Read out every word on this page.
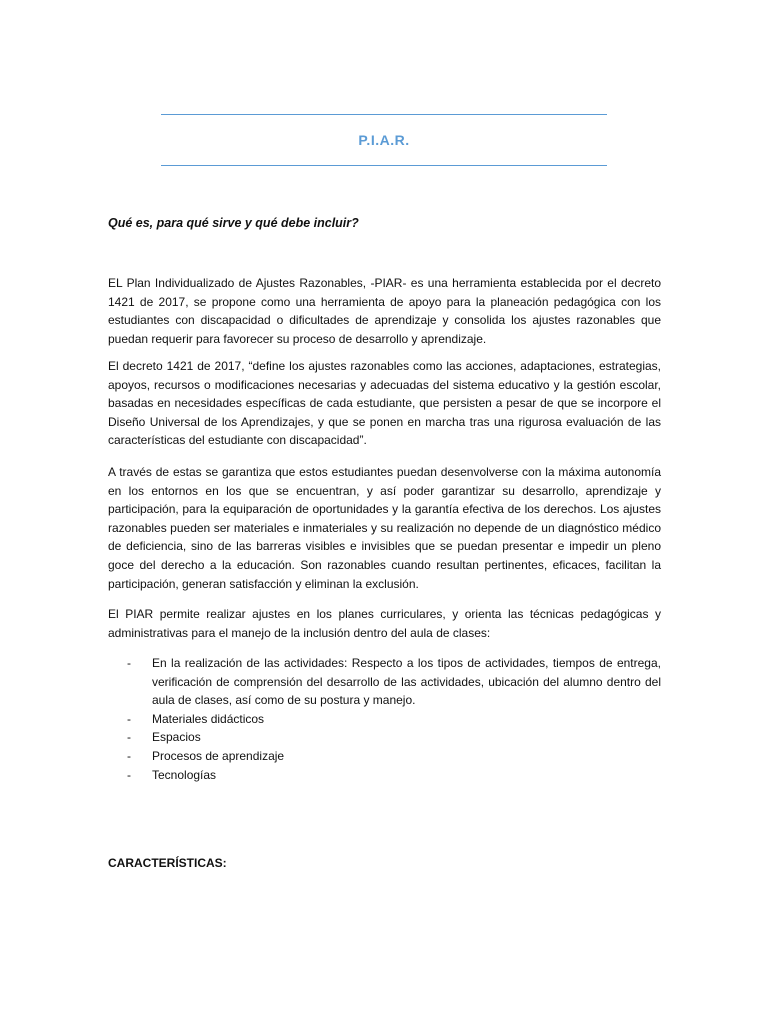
P.I.A.R.

Qué es, para qué sirve y qué debe incluir?

EL Plan Individualizado de Ajustes Razonables, -PIAR- es una herramienta establecida por el decreto 1421 de 2017, se propone como una herramienta de apoyo para la planeación pedagógica con los estudiantes con discapacidad o dificultades de aprendizaje y consolida los ajustes razonables que puedan requerir para favorecer su proceso de desarrollo y aprendizaje.

El decreto 1421 de 2017, “define los ajustes razonables como las acciones, adaptaciones, estrategias, apoyos, recursos o modificaciones necesarias y adecuadas del sistema educativo y la gestión escolar, basadas en necesidades específicas de cada estudiante, que persisten a pesar de que se incorpore el Diseño Universal de los Aprendizajes, y que se ponen en marcha tras una rigurosa evaluación de las características del estudiante con discapacidad”.

A través de estas se garantiza que estos estudiantes puedan desenvolverse con la máxima autonomía en los entornos en los que se encuentran, y así poder garantizar su desarrollo, aprendizaje y participación, para la equiparación de oportunidades y la garantía efectiva de los derechos. Los ajustes razonables pueden ser materiales e inmateriales y su realización no depende de un diagnóstico médico de deficiencia, sino de las barreras visibles e invisibles que se puedan presentar e impedir un pleno goce del derecho a la educación. Son razonables cuando resultan pertinentes, eficaces, facilitan la participación, generan satisfacción y eliminan la exclusión.

El PIAR permite realizar ajustes en los planes curriculares, y orienta las técnicas pedagógicas y administrativas para el manejo de la inclusión dentro del aula de clases:

- En la realización de las actividades: Respecto a los tipos de actividades, tiempos de entrega, verificación de comprensión del desarrollo de las actividades, ubicación del alumno dentro del aula de clases, así como de su postura y manejo.
- Materiales didácticos
- Espacios
- Procesos de aprendizaje
- Tecnologías

CARACTERÍSTICAS:
